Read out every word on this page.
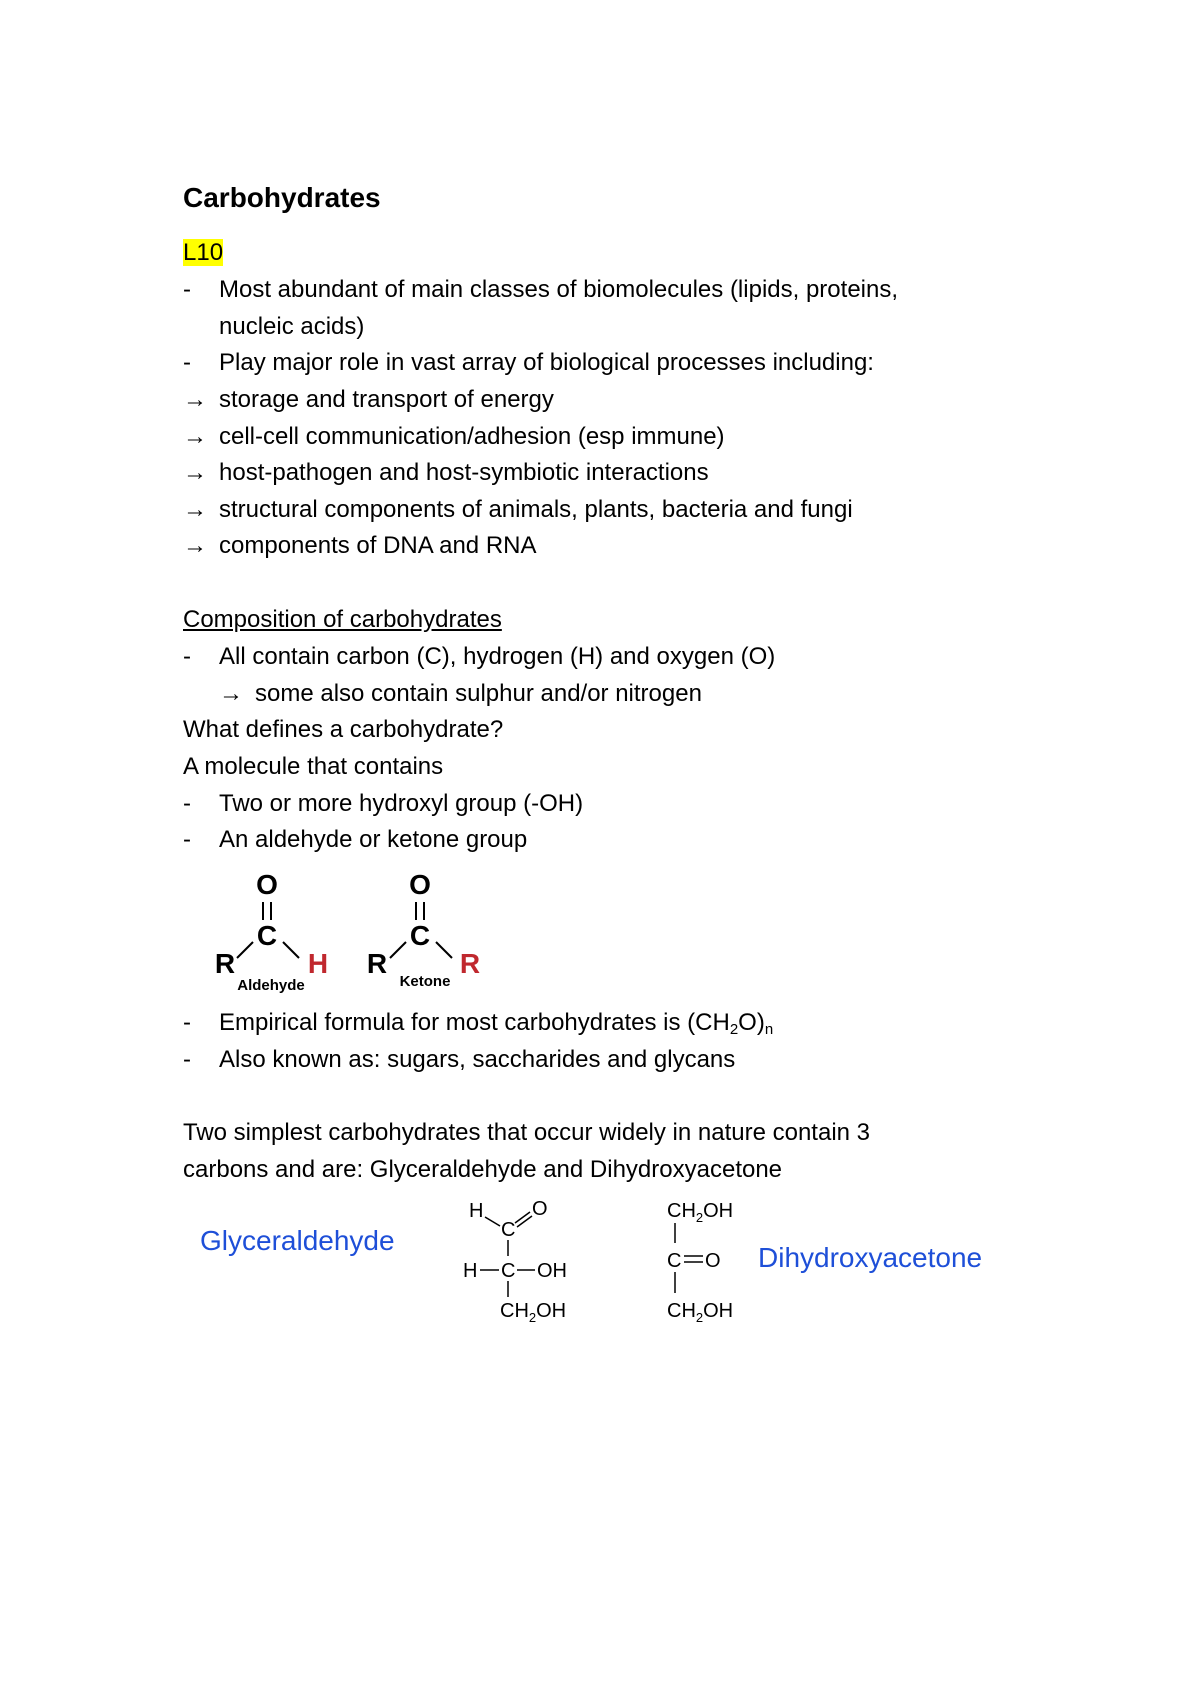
Carbohydrates
L10
- Most abundant of main classes of biomolecules (lipids, proteins,
nucleic acids)
- Play major role in vast array of biological processes including:
→ storage and transport of energy
→ cell-cell communication/adhesion (esp immune)
→ host-pathogen and host-symbiotic interactions
→ structural components of animals, plants, bacteria and fungi
→ components of DNA and RNA
Composition of carbohydrates
- All contain carbon (C), hydrogen (H) and oxygen (O)
→ some also contain sulphur and/or nitrogen
What defines a carbohydrate?
A molecule that contains
- Two or more hydroxyl group (-OH)
- An aldehyde or ketone group
O
C
R	H
Aldehyde
O
C
R	R
Ketone
- Empirical formula for most carbohydrates is $(CH_2O)_n$
- Also known as: sugars, saccharides and glycans
Two simplest carbohydrates that occur widely in nature contain 3
carbons and are: Glyceraldehyde and Dihydroxyacetone
Glyceraldehyde
H
C
O
H C OH
$CH_2OH$
$CH_2OH$
C O Dihydroxyacetone
$CH_2OH$
